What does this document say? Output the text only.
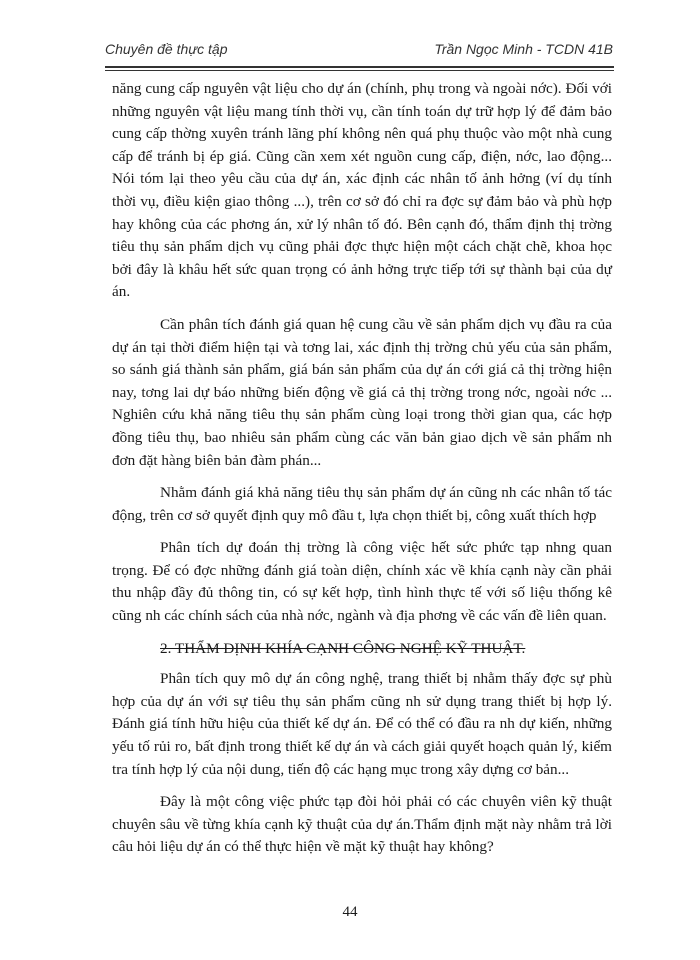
Chuyên đề thực tập	Trần Ngọc Minh - TCDN 41B

năng cung cấp nguyên vật liệu cho dự án (chính, phụ trong và ngoài nớc). Đối với những nguyên vật liệu mang tính thời vụ, cần tính toán dự trữ hợp lý để đảm bảo cung cấp thờng xuyên tránh lãng phí không nên quá phụ thuộc vào một nhà cung cấp để tránh bị ép giá. Cũng cần xem xét nguồn cung cấp, điện, nớc, lao động... Nói tóm lại theo yêu cầu của dự án, xác định các nhân tố ảnh hởng (ví dụ tính thời vụ, điều kiện giao thông ...), trên cơ sở đó chỉ ra đợc sự đảm bảo và phù hợp hay không của các phơng án, xử lý nhân tố đó. Bên cạnh đó, thẩm định thị trờng tiêu thụ sản phẩm dịch vụ cũng phải đợc thực hiện một cách chặt chẽ, khoa học bởi đây là khâu hết sức quan trọng có ảnh hởng trực tiếp tới sự thành bại của dự án.

Cần phân tích đánh giá quan hệ cung cầu về sản phẩm dịch vụ đầu ra của dự án tại thời điểm hiện tại và tơng lai, xác định thị trờng chủ yếu của sản phẩm, so sánh giá thành sản phẩm, giá bán sản phẩm của dự án cới giá cả thị trờng hiện nay, tơng lai dự báo những biến động về giá cả thị trờng trong nớc, ngoài nớc ... Nghiên cứu khả năng tiêu thụ sản phẩm cùng loại trong thời gian qua, các hợp đồng tiêu thụ, bao nhiêu sản phẩm cùng các văn bản giao dịch về sản phẩm nh đơn đặt hàng biên bản đàm phán...

Nhằm đánh giá khả năng tiêu thụ sản phẩm dự án cũng nh các nhân tố tác động, trên cơ sở quyết định quy mô đầu t, lựa chọn thiết bị, công xuất thích hợp

Phân tích dự đoán thị trờng là công việc hết sức phức tạp nhng quan trọng. Để có đợc những đánh giá toàn diện, chính xác về khía cạnh này cần phải thu nhập đầy đủ thông tin, có sự kết hợp, tình hình thực tế với số liệu thống kê cũng nh các chính sách của nhà nớc, ngành và địa phơng về các vấn đề liên quan.

2. THẨM ĐỊNH KHÍA CẠNH CÔNG NGHỆ KỸ THUẬT.

Phân tích quy mô dự án công nghệ, trang thiết bị nhằm thấy đợc sự phù hợp của dự án với sự tiêu thụ sản phẩm cũng nh sử dụng trang thiết bị hợp lý. Đánh giá tính hữu hiệu của thiết kế dự án. Để có thể có đầu ra nh dự kiến, những yếu tố rủi ro, bất định trong thiết kế dự án và cách giải quyết hoạch quản lý, kiểm tra tính hợp lý của nội dung, tiến độ các hạng mục trong xây dựng cơ bản...

Đây là một công việc phức tạp đòi hỏi phải có các chuyên viên kỹ thuật chuyên sâu về từng khía cạnh kỹ thuật của dự án.Thẩm định mặt này nhằm trả lời câu hỏi liệu dự án có thể thực hiện về mặt kỹ thuật hay không?

44
